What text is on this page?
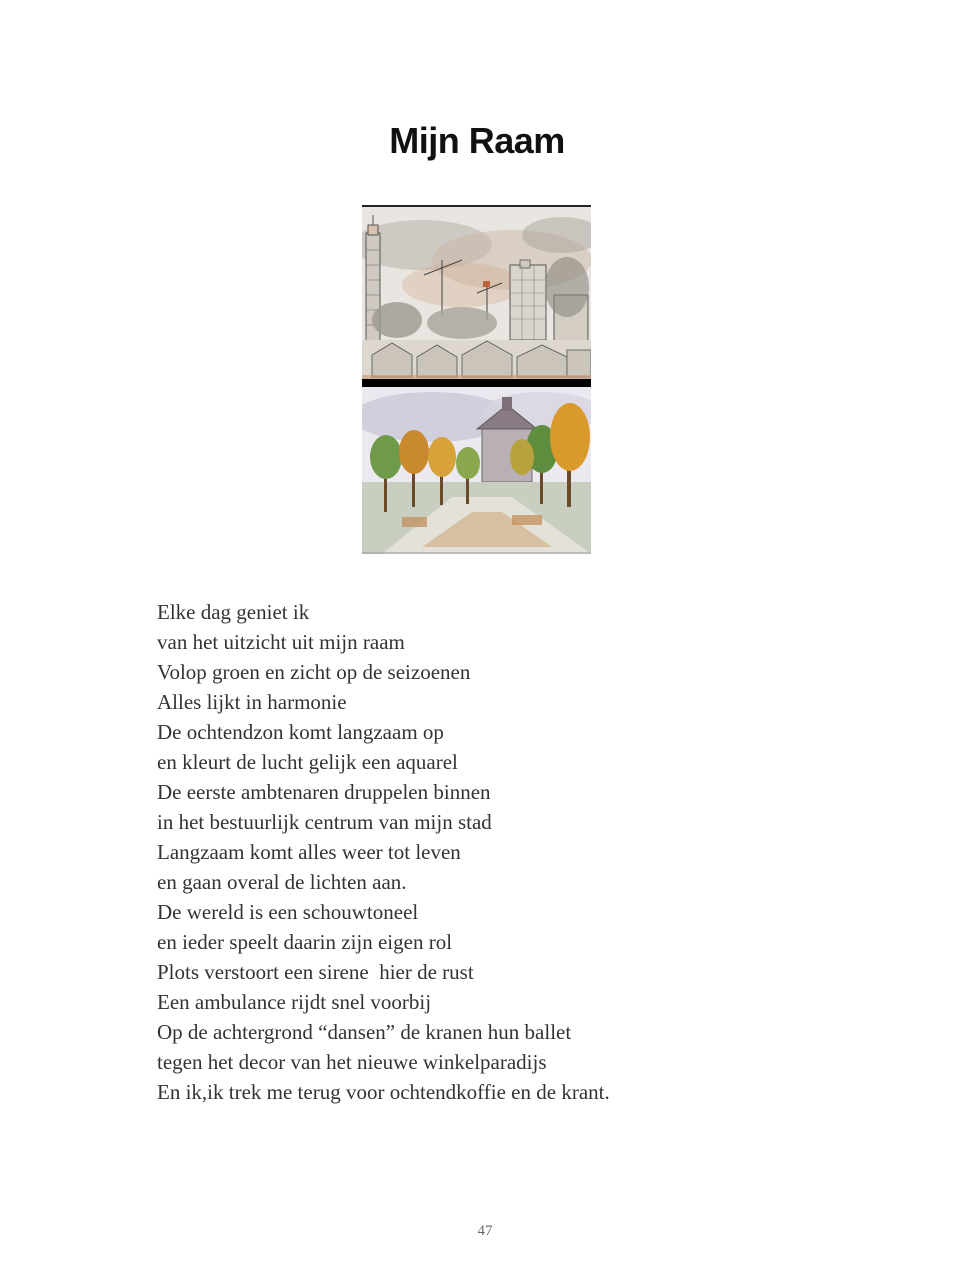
Mijn Raam
Elke dag geniet ik
van het uitzicht uit mijn raam
Volop groen en zicht op de seizoenen
Alles lijkt in harmonie
De ochtendzon komt langzaam op
en kleurt de lucht gelijk een aquarel
De eerste ambtenaren druppelen binnen
in het bestuurlijk centrum van mijn stad
Langzaam komt alles weer tot leven
en gaan overal de lichten aan.
De wereld is een schouwtoneel
en ieder speelt daarin zijn eigen rol
Plots verstoort een sirene  hier de rust
Een ambulance rijdt snel voorbij
Op de achtergrond “dansen” de kranen hun ballet
tegen het decor van het nieuwe winkelparadijs
En ik,ik trek me terug voor ochtendkoffie en de krant.
47
